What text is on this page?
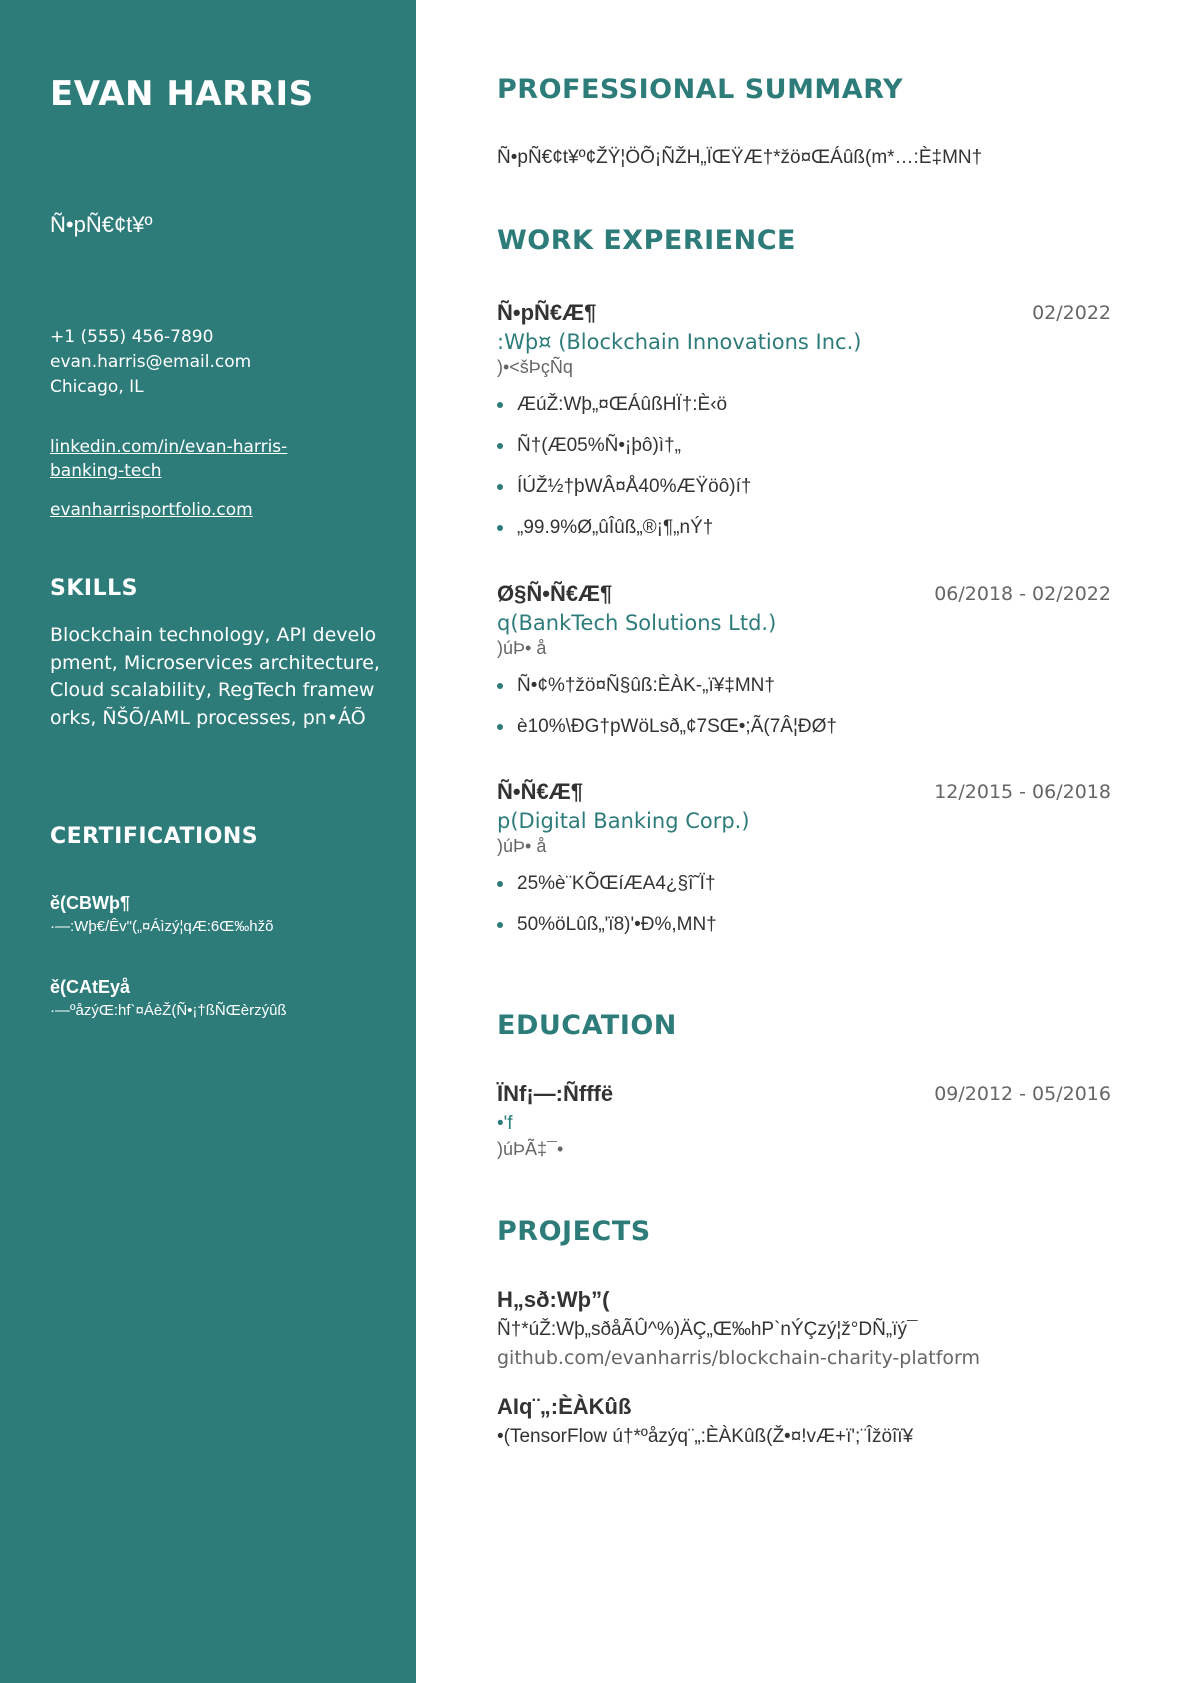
EVAN HARRIS
Ñ•pÑ€¢t¥º
+1 (555) 456-7890
evan.harris@email.com
Chicago, IL
linkedin.com/in/evan-harris-banking-tech
evanharrisportfolio.com
SKILLS
Blockchain technology, API development, Microservices architecture, Cloud scalability, RegTech frameworks, ÑŠÕ/AML processes, pn•ÁÕ
CERTIFICATIONS
ě(CBWþ¶
·—:Wþ€/Êv"(„¤Áìzý¦qÆ:6Œ‰hžõ
ě(CAtEyå
·—ºåzýŒ:hf`¤ÁèŽ(Ñ•¡†ßÑŒèrzýûß
PROFESSIONAL SUMMARY
Ñ•pÑ€¢t¥º¢ŽŸ¦ÖÕ¡ÑŽH„ÏŒŸÆ†*žö¤ŒÁûß(m*…:È‡MN†
WORK EXPERIENCE
Ñ•pÑ€Æ¶	02/2022
:Wþ¤ (Blockchain Innovations Inc.)
)•<šÞçÑq
ÆúŽ:Wþ„¤ŒÁûßHÏ†:È‹ö
Ñ†(Æ05%Ñ•¡þô)ì†„
ÍÚŽ½†þWÂ¤Å40%ÆŸöô)í†
„99.9%Ø„ûÎûß„®¡¶„nÝ†
Ø§Ñ•Ñ€Æ¶	06/2018 - 02/2022
q(BankTech Solutions Ltd.)
)úÞ• å
Ñ•¢%†žö¤Ñ§ûß:ÈÀK-„ï¥‡MN†
è10%\ÐG†pWöLsð„¢7SŒ•;Ã(7Â¦ÐØ†
Ñ•Ñ€Æ¶	12/2015 - 06/2018
p(Digital Banking Corp.)
)úÞ• å
25%è¨KÕŒíÆA4¿§î˜Ï†
50%öLûß„'ï8)'•Ð%,MN†
EDUCATION
ÏNf¡—:Ñfffë	09/2012 - 05/2016
•'f
)úÞÃ‡¯•
PROJECTS
H„sð:Wþ”(
Ñ†*úŽ:Wþ„sðåÃÛ^%)ÄÇ„Œ‰hP`nÝÇzý¦ž°DÑ„ïý¯
github.com/evanharris/blockchain-charity-platform
AIq¨„:ÈÀKûß
•(TensorFlow ú†*ºåzýq¨„:ÈÀKûß(Ž•¤!vÆ+ï';¨Îžöîï¥
